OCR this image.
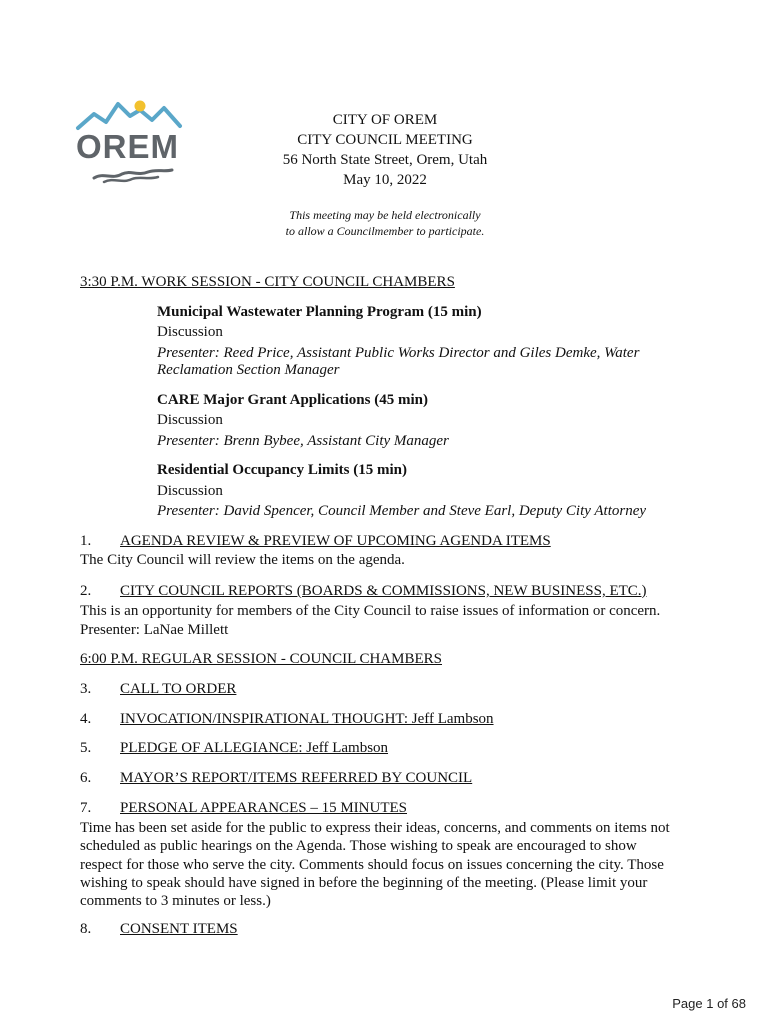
OREM
CITY OF OREM
CITY COUNCIL MEETING
56 North State Street, Orem, Utah
May 10, 2022
This meeting may be held electronically
to allow a Councilmember to participate.
3:30 P.M. WORK SESSION - CITY COUNCIL CHAMBERS
Municipal Wastewater Planning Program (15 min)
Discussion
Presenter: Reed Price, Assistant Public Works Director and Giles Demke, Water
Reclamation Section Manager
CARE Major Grant Applications (45 min)
Discussion
Presenter: Brenn Bybee, Assistant City Manager
Residential Occupancy Limits (15 min)
Discussion
Presenter: David Spencer, Council Member and Steve Earl, Deputy City Attorney
1. AGENDA REVIEW & PREVIEW OF UPCOMING AGENDA ITEMS
The City Council will review the items on the agenda.
2. CITY COUNCIL REPORTS (BOARDS & COMMISSIONS, NEW BUSINESS, ETC.)
This is an opportunity for members of the City Council to raise issues of information or concern.
Presenter: LaNae Millett
6:00 P.M. REGULAR SESSION - COUNCIL CHAMBERS
3. CALL TO ORDER
4. INVOCATION/INSPIRATIONAL THOUGHT: Jeff Lambson
5. PLEDGE OF ALLEGIANCE: Jeff Lambson
6. MAYOR’S REPORT/ITEMS REFERRED BY COUNCIL
7. PERSONAL APPEARANCES – 15 MINUTES
Time has been set aside for the public to express their ideas, concerns, and comments on items not
scheduled as public hearings on the Agenda. Those wishing to speak are encouraged to show
respect for those who serve the city. Comments should focus on issues concerning the city. Those
wishing to speak should have signed in before the beginning of the meeting. (Please limit your
comments to 3 minutes or less.)
8. CONSENT ITEMS
Page 1 of 68
